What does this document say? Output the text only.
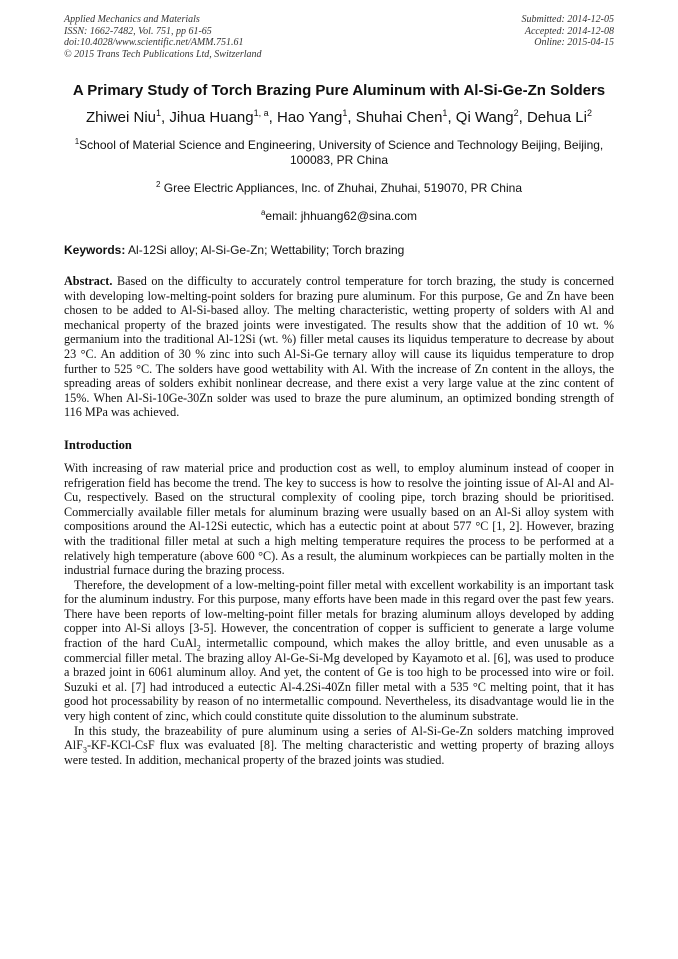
Applied Mechanics and Materials
ISSN: 1662-7482, Vol. 751, pp 61-65
doi:10.4028/www.scientific.net/AMM.751.61
© 2015 Trans Tech Publications Ltd, Switzerland
Submitted: 2014-12-05
Accepted: 2014-12-08
Online: 2015-04-15
A Primary Study of Torch Brazing Pure Aluminum with Al-Si-Ge-Zn Solders
Zhiwei Niu$^1$, Jihua Huang$^{1, a}$, Hao Yang$^1$, Shuhai Chen$^1$, Qi Wang$^2$, Dehua Li$^2$
$^1$School of Material Science and Engineering, University of Science and Technology Beijing, Beijing, 100083, PR China
$^2$ Gree Electric Appliances, Inc. of Zhuhai, Zhuhai, 519070, PR China
$^a$email: jhhuang62@sina.com
Keywords: Al-12Si alloy; Al-Si-Ge-Zn; Wettability; Torch brazing

Abstract. Based on the difficulty to accurately control temperature for torch brazing, the study is concerned with developing low-melting-point solders for brazing pure aluminum. For this purpose, Ge and Zn have been chosen to be added to Al-Si-based alloy. The melting characteristic, wetting property of solders with Al and mechanical property of the brazed joints were investigated. The results show that the addition of 10 wt. % germanium into the traditional Al-12Si (wt. %) filler metal causes its liquidus temperature to decrease by about 23 °C. An addition of 30 % zinc into such Al-Si-Ge ternary alloy will cause its liquidus temperature to drop further to 525 °C. The solders have good wettability with Al. With the increase of Zn content in the alloys, the spreading areas of solders exhibit nonlinear decrease, and there exist a very large value at the zinc content of 15%. When Al-Si-10Ge-30Zn solder was used to braze the pure aluminum, an optimized bonding strength of 116 MPa was achieved.

Introduction

With increasing of raw material price and production cost as well, to employ aluminum instead of cooper in refrigeration field has become the trend. The key to success is how to resolve the jointing issue of Al-Al and Al-Cu, respectively. Based on the structural complexity of cooling pipe, torch brazing should be prioritised. Commercially available filler metals for aluminum brazing were usually based on an Al-Si alloy system with compositions around the Al-12Si eutectic, which has a eutectic point at about 577 °C [1, 2]. However, brazing with the traditional filler metal at such a high melting temperature requires the process to be performed at a relatively high temperature (above 600 °C). As a result, the aluminum workpieces can be partially molten in the industrial furnace during the brazing process.

Therefore, the development of a low-melting-point filler metal with excellent workability is an important task for the aluminum industry. For this purpose, many efforts have been made in this regard over the past few years. There have been reports of low-melting-point filler metals for brazing aluminum alloys developed by adding copper into Al-Si alloys [3-5]. However, the concentration of copper is sufficient to generate a large volume fraction of the hard CuAl$_2$ intermetallic compound, which makes the alloy brittle, and even unusable as a commercial filler metal. The brazing alloy Al-Ge-Si-Mg developed by Kayamoto et al. [6], was used to produce a brazed joint in 6061 aluminum alloy. And yet, the content of Ge is too high to be processed into wire or foil. Suzuki et al. [7] had introduced a eutectic Al-4.2Si-40Zn filler metal with a 535 °C melting point, that it has good hot processability by reason of no intermetallic compound. Nevertheless, its disadvantage would lie in the very high content of zinc, which could constitute quite dissolution to the aluminum substrate.

In this study, the brazeability of pure aluminum using a series of Al-Si-Ge-Zn solders matching improved AlF$_3$-KF-KCl-CsF flux was evaluated [8]. The melting characteristic and wetting property of brazing alloys were tested. In addition, mechanical property of the brazed joints was studied.
